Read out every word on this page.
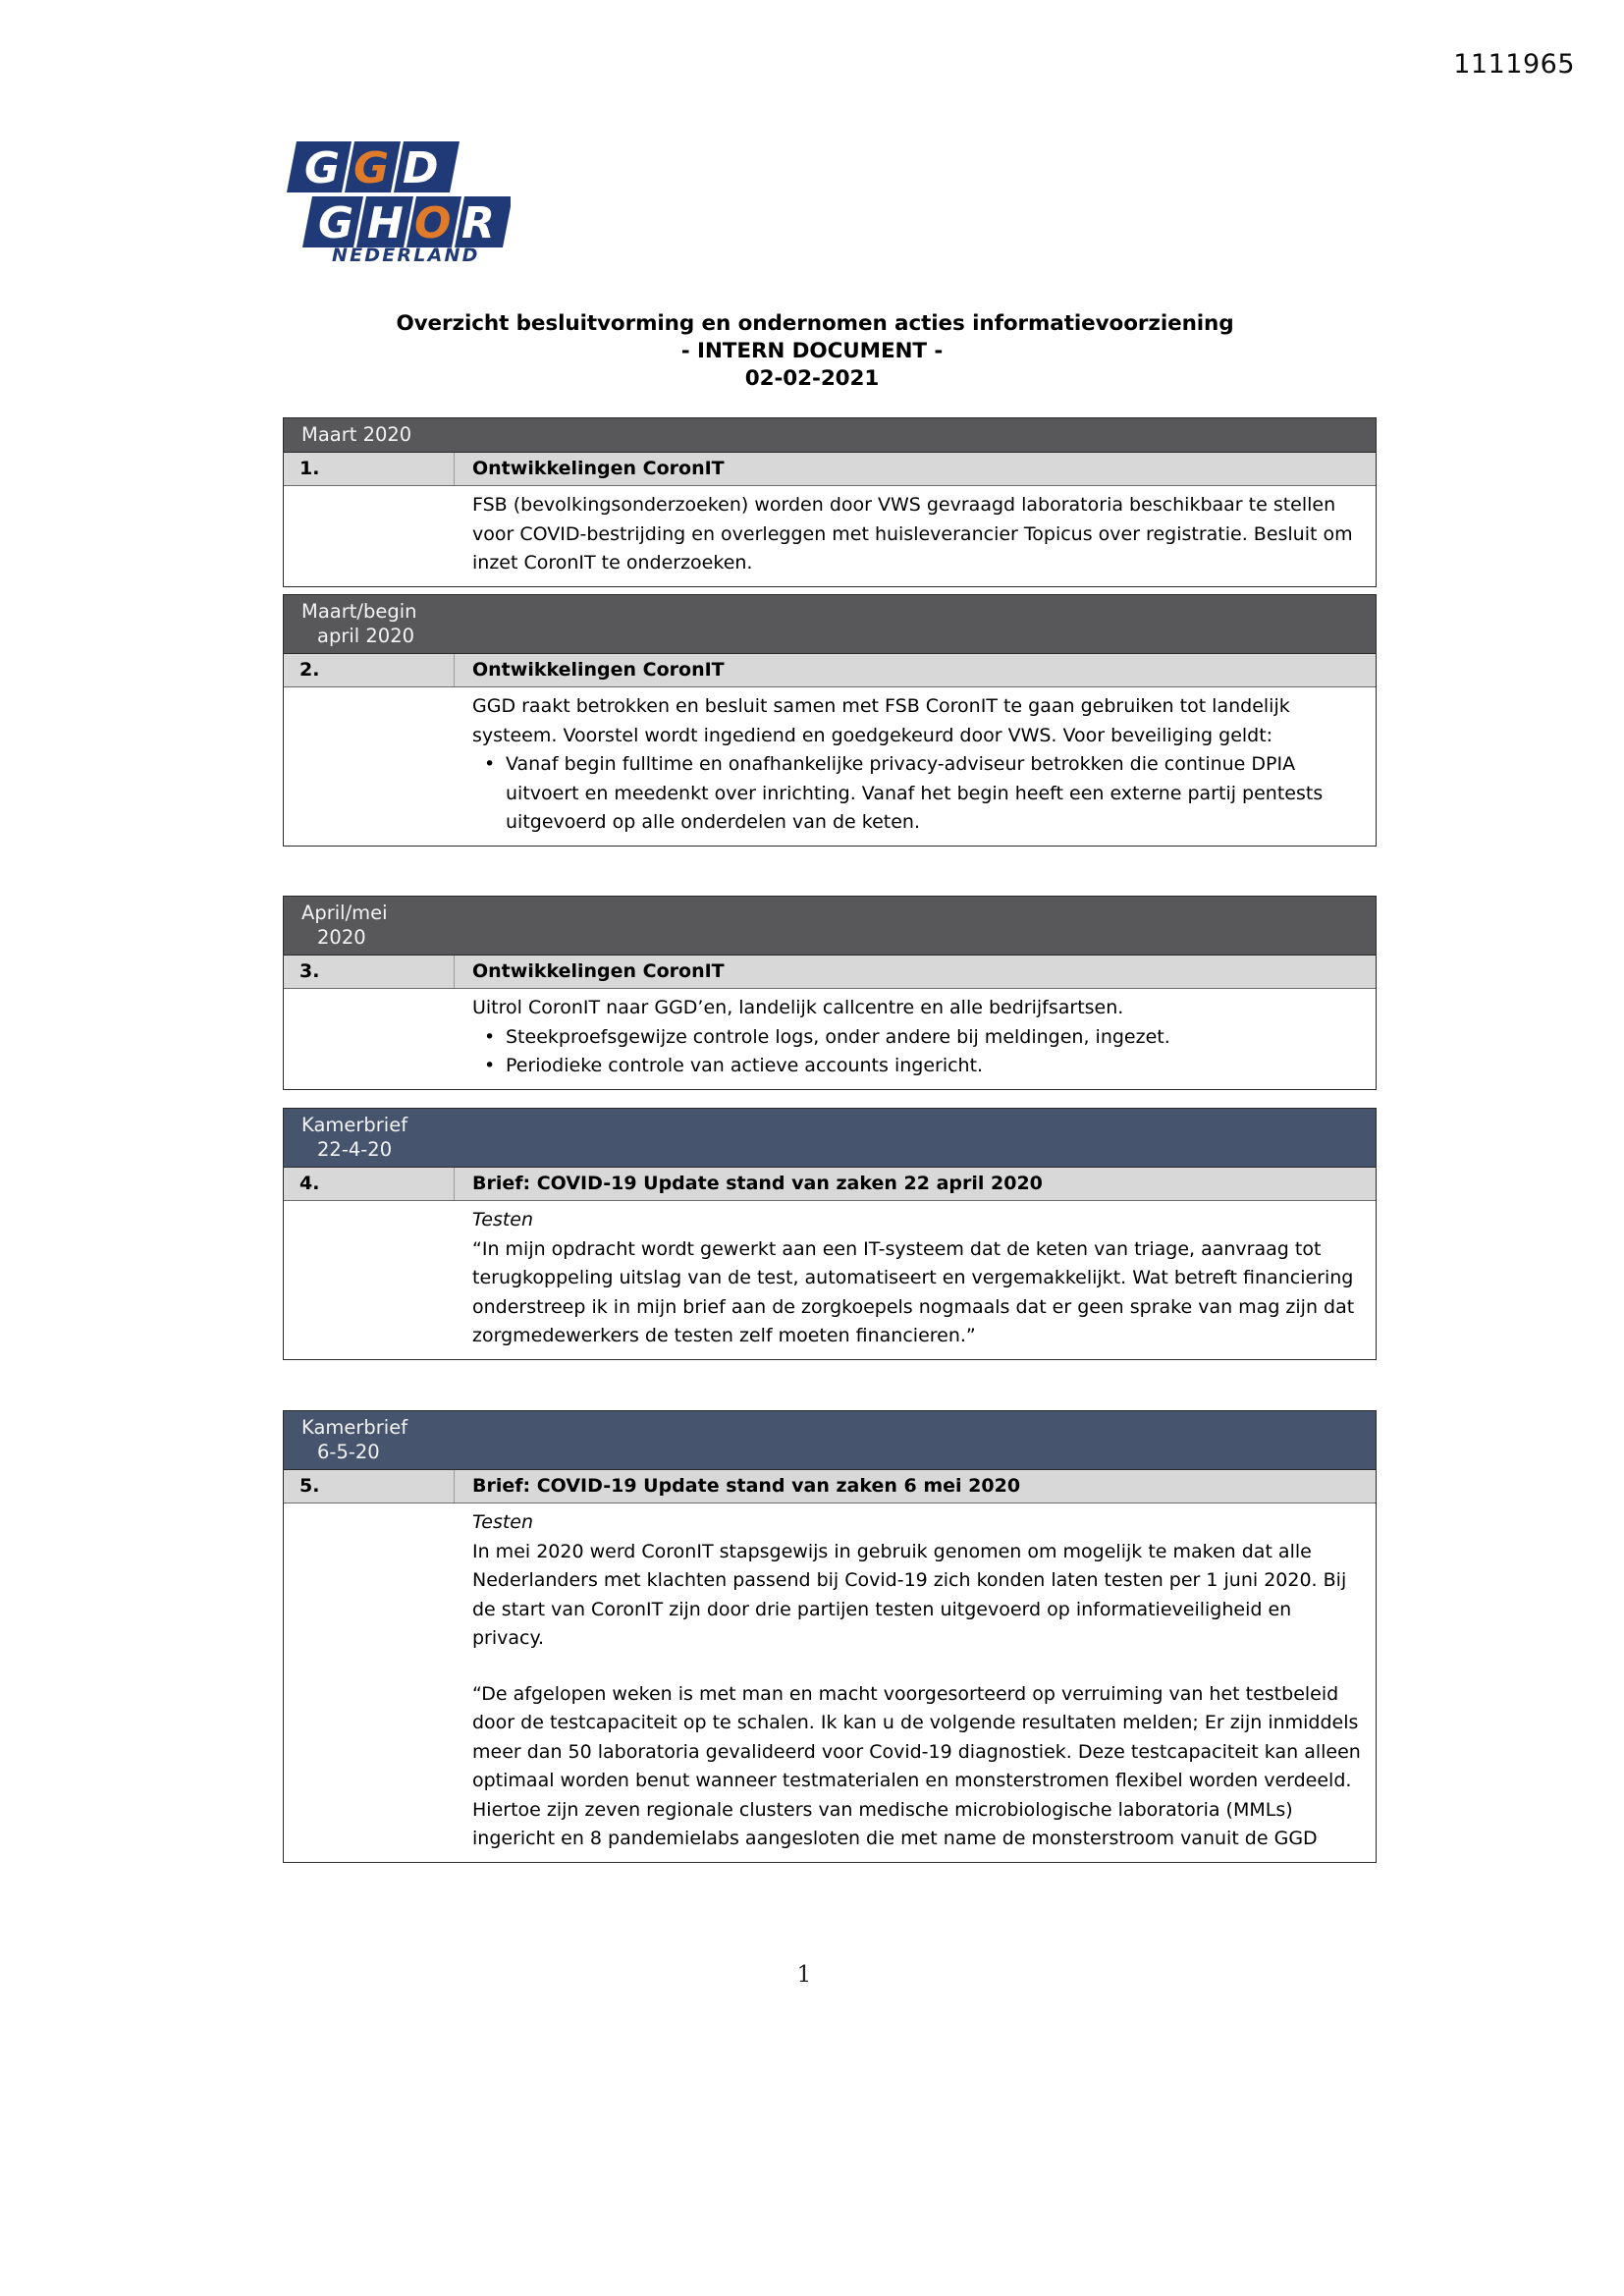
1111965
G G D
G H O R
NEDERLAND
Overzicht besluitvorming en ondernomen acties informatievoorziening
- INTERN DOCUMENT -
02-02-2021
Maart 2020
1.	Ontwikkelingen CoronIT

FSB (bevolkingsonderzoeken) worden door VWS gevraagd laboratoria beschikbaar te stellen voor COVID-bestrijding en overleggen met huisleverancier Topicus over registratie. Besluit om inzet CoronIT te onderzoeken.

Maart/begin
april 2020
2.	Ontwikkelingen CoronIT

GGD raakt betrokken en besluit samen met FSB CoronIT te gaan gebruiken tot landelijk systeem. Voorstel wordt ingediend en goedgekeurd door VWS. Voor beveiliging geldt:

• Vanaf begin fulltime en onafhankelijke privacy-adviseur betrokken die continue DPIA uitvoert en meedenkt over inrichting. Vanaf het begin heeft een externe partij pentests uitgevoerd op alle onderdelen van de keten.
April/mei
2020
3.	Ontwikkelingen CoronIT

Uitrol CoronIT naar GGD’en, landelijk callcentre en alle bedrijfsartsen.

• Steekproefsgewijze controle logs, onder andere bij meldingen, ingezet.
• Periodieke controle van actieve accounts ingericht.
Kamerbrief
22-4-20
4.	Brief: COVID-19 Update stand van zaken 22 april 2020

Testen

“In mijn opdracht wordt gewerkt aan een IT-systeem dat de keten van triage, aanvraag tot terugkoppeling uitslag van de test, automatiseert en vergemakkelijkt. Wat betreft financiering onderstreep ik in mijn brief aan de zorgkoepels nogmaals dat er geen sprake van mag zijn dat zorgmedewerkers de testen zelf moeten financieren.”

Kamerbrief
6-5-20
5.	Brief: COVID-19 Update stand van zaken 6 mei 2020

Testen

In mei 2020 werd CoronIT stapsgewijs in gebruik genomen om mogelijk te maken dat alle Nederlanders met klachten passend bij Covid-19 zich konden laten testen per 1 juni 2020. Bij de start van CoronIT zijn door drie partijen testen uitgevoerd op informatieveiligheid en privacy.

“De afgelopen weken is met man en macht voorgesorteerd op verruiming van het testbeleid door de testcapaciteit op te schalen. Ik kan u de volgende resultaten melden; Er zijn inmiddels meer dan 50 laboratoria gevalideerd voor Covid-19 diagnostiek. Deze testcapaciteit kan alleen optimaal worden benut wanneer testmaterialen en monsterstromen flexibel worden verdeeld. Hiertoe zijn zeven regionale clusters van medische microbiologische laboratoria (MMLs) ingericht en 8 pandemielabs aangesloten die met name de monsterstroom vanuit de GGD

1
